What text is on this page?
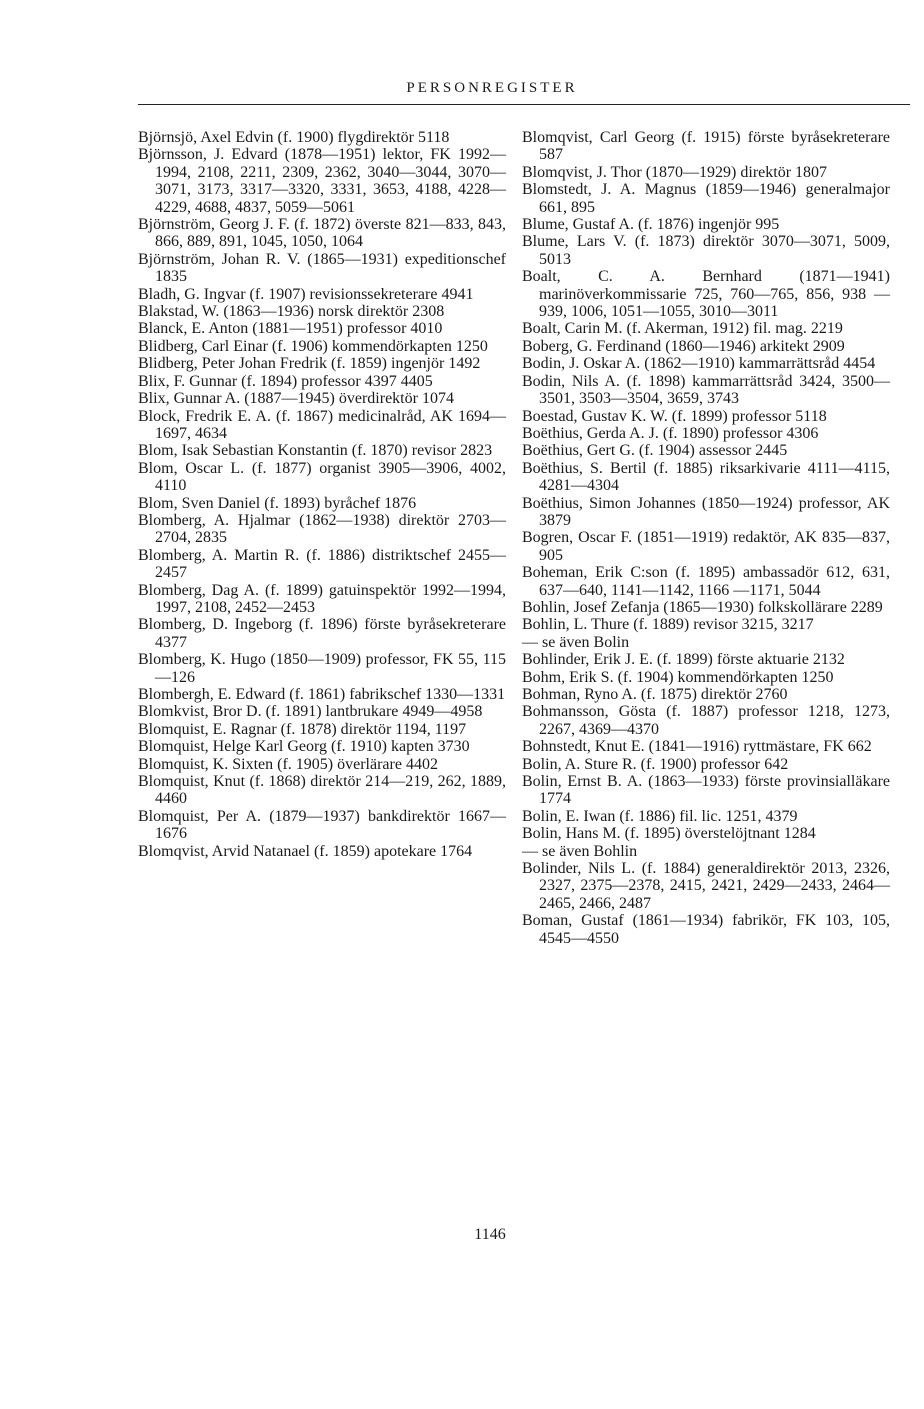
PERSONREGISTER

Björnsjö, Axel Edvin (f. 1900) flygdirektör 5118

Björnsson, J. Edvard (1878—1951) lektor, FK 1992—1994, 2108, 2211, 2309, 2362, 3040—3044, 3070—3071, 3173, 3317—3320, 3331, 3653, 4188, 4228—4229, 4688, 4837, 5059—5061

Björnström, Georg J. F. (f. 1872) överste 821—833, 843, 866, 889, 891, 1045, 1050, 1064

Björnström, Johan R. V. (1865—1931) expeditionschef 1835

Bladh, G. Ingvar (f. 1907) revisionssekreterare 4941

Blakstad, W. (1863—1936) norsk direktör 2308

Blanck, E. Anton (1881—1951) professor 4010

Blidberg, Carl Einar (f. 1906) kommendörkapten 1250

Blidberg, Peter Johan Fredrik (f. 1859) ingenjör 1492

Blix, F. Gunnar (f. 1894) professor 4397 4405

Blix, Gunnar A. (1887—1945) överdirektör 1074

Block, Fredrik E. A. (f. 1867) medicinalråd, AK 1694—1697, 4634

Blom, Isak Sebastian Konstantin (f. 1870) revisor 2823

Blom, Oscar L. (f. 1877) organist 3905—3906, 4002, 4110

Blom, Sven Daniel (f. 1893) byråchef 1876

Blomberg, A. Hjalmar (1862—1938) direktör 2703—2704, 2835

Blomberg, A. Martin R. (f. 1886) distriktschef 2455—2457

Blomberg, Dag A. (f. 1899) gatuinspektör 1992—1994, 1997, 2108, 2452—2453

Blomberg, D. Ingeborg (f. 1896) förste byråsekreterare 4377

Blomberg, K. Hugo (1850—1909) professor, FK 55, 115—126

Blombergh, E. Edward (f. 1861) fabrikschef 1330—1331

Blomkvist, Bror D. (f. 1891) lantbrukare 4949—4958

Blomquist, E. Ragnar (f. 1878) direktör 1194, 1197

Blomquist, Helge Karl Georg (f. 1910) kapten 3730

Blomquist, K. Sixten (f. 1905) överlärare 4402

Blomquist, Knut (f. 1868) direktör 214—219, 262, 1889, 4460

Blomquist, Per A. (1879—1937) bankdirektör 1667—1676

Blomqvist, Arvid Natanael (f. 1859) apotekare 1764

Blomqvist, Carl Georg (f. 1915) förste byråsekreterare 587

Blomqvist, J. Thor (1870—1929) direktör 1807

Blomstedt, J. A. Magnus (1859—1946) generalmajor 661, 895

Blume, Gustaf A. (f. 1876) ingenjör 995

Blume, Lars V. (f. 1873) direktör 3070—3071, 5009, 5013

Boalt, C. A. Bernhard (1871—1941) marinöverkommissarie 725, 760—765, 856, 938 —939, 1006, 1051—1055, 3010—3011

Boalt, Carin M. (f. Akerman, 1912) fil. mag. 2219

Boberg, G. Ferdinand (1860—1946) arkitekt 2909

Bodin, J. Oskar A. (1862—1910) kammarrättsråd 4454

Bodin, Nils A. (f. 1898) kammarrättsråd 3424, 3500—3501, 3503—3504, 3659, 3743

Boestad, Gustav K. W. (f. 1899) professor 5118

Boëthius, Gerda A. J. (f. 1890) professor 4306

Boëthius, Gert G. (f. 1904) assessor 2445

Boëthius, S. Bertil (f. 1885) riksarkivarie 4111—4115, 4281—4304

Boëthius, Simon Johannes (1850—1924) professor, AK 3879

Bogren, Oscar F. (1851—1919) redaktör, AK 835—837, 905

Boheman, Erik C:son (f. 1895) ambassadör 612, 631, 637—640, 1141—1142, 1166 —1171, 5044

Bohlin, Josef Zefanja (1865—1930) folkskollärare 2289

Bohlin, L. Thure (f. 1889) revisor 3215, 3217

— se även Bolin

Bohlinder, Erik J. E. (f. 1899) förste aktuarie 2132

Bohm, Erik S. (f. 1904) kommendörkapten 1250

Bohman, Ryno A. (f. 1875) direktör 2760

Bohmansson, Gösta (f. 1887) professor 1218, 1273, 2267, 4369—4370

Bohnstedt, Knut E. (1841—1916) ryttmästare, FK 662

Bolin, A. Sture R. (f. 1900) professor 642

Bolin, Ernst B. A. (1863—1933) förste provinsialläkare 1774

Bolin, E. Iwan (f. 1886) fil. lic. 1251, 4379

Bolin, Hans M. (f. 1895) överstelöjtnant 1284

— se även Bohlin

Bolinder, Nils L. (f. 1884) generaldirektör 2013, 2326, 2327, 2375—2378, 2415, 2421, 2429—2433, 2464—2465, 2466, 2487

Boman, Gustaf (1861—1934) fabrikör, FK 103, 105, 4545—4550

1146
